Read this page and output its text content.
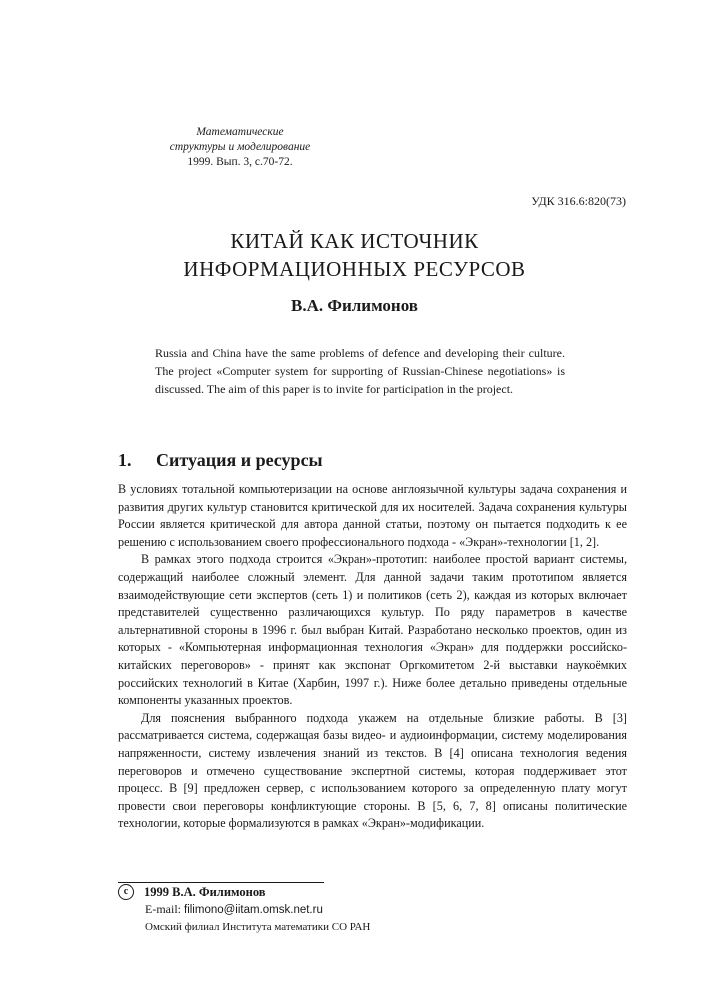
Математические
структуры и моделирование
1999. Вып. 3, с.70-72.
УДК 316.6:820(73)
КИТАЙ КАК ИСТОЧНИК
ИНФОРМАЦИОННЫХ РЕСУРСОВ
В.А. Филимонов
Russia and China have the same problems of defence and developing their culture. The project «Computer system for supporting of Russian-Chinese negotiations» is discussed. The aim of this paper is to invite for participation in the project.
1. Ситуация и ресурсы

В условиях тотальной компьютеризации на основе англоязычной культуры задача сохранения и развития других культур становится критической для их носителей. Задача сохранения культуры России является критической для автора данной статьи, поэтому он пытается подходить к ее решению с использованием своего профессионального подхода - «Экран»-технологии [1, 2].

В рамках этого подхода строится «Экран»-прототип: наиболее простой вариант системы, содержащий наиболее сложный элемент. Для данной задачи таким прототипом является взаимодействующие сети экспертов (сеть 1) и политиков (сеть 2), каждая из которых включает представителей существенно различающихся культур. По ряду параметров в качестве альтернативной стороны в 1996 г. был выбран Китай. Разработано несколько проектов, один из которых - «Компьютерная информационная технология «Экран» для поддержки российско-китайских переговоров» - принят как экспонат Оргкомитетом 2-й выставки наукоёмких российских технологий в Китае (Харбин, 1997 г.). Ниже более детально приведены отдельные компоненты указанных проектов.

Для пояснения выбранного подхода укажем на отдельные близкие работы. В [3] рассматривается система, содержащая базы видео- и аудиоинформации, систему моделирования напряженности, систему извлечения знаний из текстов. В [4] описана технология ведения переговоров и отмечено существование экспертной системы, которая поддерживает этот процесс. В [9] предложен сервер, с использованием которого за определенную плату могут провести свои переговоры конфликтующие стороны. В [5, 6, 7, 8] описаны политические технологии, которые формализуются в рамках «Экран»-модификации.

c	1999 В.А. Филимонов
E-mail: filimono@iitam.omsk.net.ru
Омский филиал Института математики СО РАН
